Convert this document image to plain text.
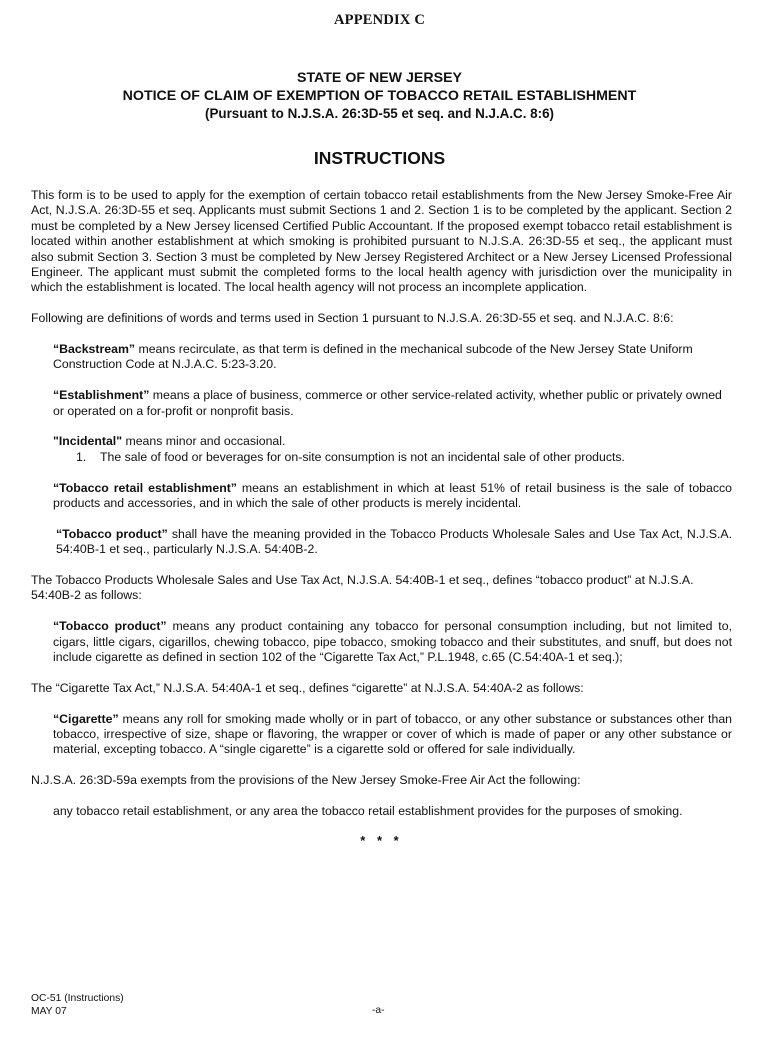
APPENDIX C
STATE OF NEW JERSEY
NOTICE OF CLAIM OF EXEMPTION OF TOBACCO RETAIL ESTABLISHMENT
(Pursuant to N.J.S.A. 26:3D-55 et seq. and N.J.A.C. 8:6)
INSTRUCTIONS

This form is to be used to apply for the exemption of certain tobacco retail establishments from the New Jersey Smoke-Free Air Act, N.J.S.A. 26:3D-55 et seq. Applicants must submit Sections 1 and 2. Section 1 is to be completed by the applicant. Section 2 must be completed by a New Jersey licensed Certified Public Accountant. If the proposed exempt tobacco retail establishment is located within another establishment at which smoking is prohibited pursuant to N.J.S.A. 26:3D-55 et seq., the applicant must also submit Section 3. Section 3 must be completed by New Jersey Registered Architect or a New Jersey Licensed Professional Engineer. The applicant must submit the completed forms to the local health agency with jurisdiction over the municipality in which the establishment is located. The local health agency will not process an incomplete application.

Following are definitions of words and terms used in Section 1 pursuant to N.J.S.A. 26:3D-55 et seq. and N.J.A.C. 8:6:

“Backstream” means recirculate, as that term is defined in the mechanical subcode of the New Jersey State Uniform Construction Code at N.J.A.C. 5:23-3.20.

“Establishment” means a place of business, commerce or other service-related activity, whether public or privately owned or operated on a for-profit or nonprofit basis.

"Incidental" means minor and occasional.

1.	The sale of food or beverages for on-site consumption is not an incidental sale of other products.

“Tobacco retail establishment” means an establishment in which at least 51% of retail business is the sale of tobacco products and accessories, and in which the sale of other products is merely incidental.

“Tobacco product” shall have the meaning provided in the Tobacco Products Wholesale Sales and Use Tax Act, N.J.S.A. 54:40B-1 et seq., particularly N.J.S.A. 54:40B-2.

The Tobacco Products Wholesale Sales and Use Tax Act, N.J.S.A. 54:40B-1 et seq., defines “tobacco product” at N.J.S.A. 54:40B-2 as follows:

“Tobacco product” means any product containing any tobacco for personal consumption including, but not limited to, cigars, little cigars, cigarillos, chewing tobacco, pipe tobacco, smoking tobacco and their substitutes, and snuff, but does not include cigarette as defined in section 102 of the “Cigarette Tax Act,” P.L.1948, c.65 (C.54:40A-1 et seq.);

The “Cigarette Tax Act,” N.J.S.A. 54:40A-1 et seq., defines “cigarette” at N.J.S.A. 54:40A-2 as follows:

“Cigarette” means any roll for smoking made wholly or in part of tobacco, or any other substance or substances other than tobacco, irrespective of size, shape or flavoring, the wrapper or cover of which is made of paper or any other substance or material, excepting tobacco. A “single cigarette” is a cigarette sold or offered for sale individually.

N.J.S.A. 26:3D-59a exempts from the provisions of the New Jersey Smoke-Free Air Act the following:

any tobacco retail establishment, or any area the tobacco retail establishment provides for the purposes of smoking.

* * *
OC-51 (Instructions)
MAY 07	-a-
